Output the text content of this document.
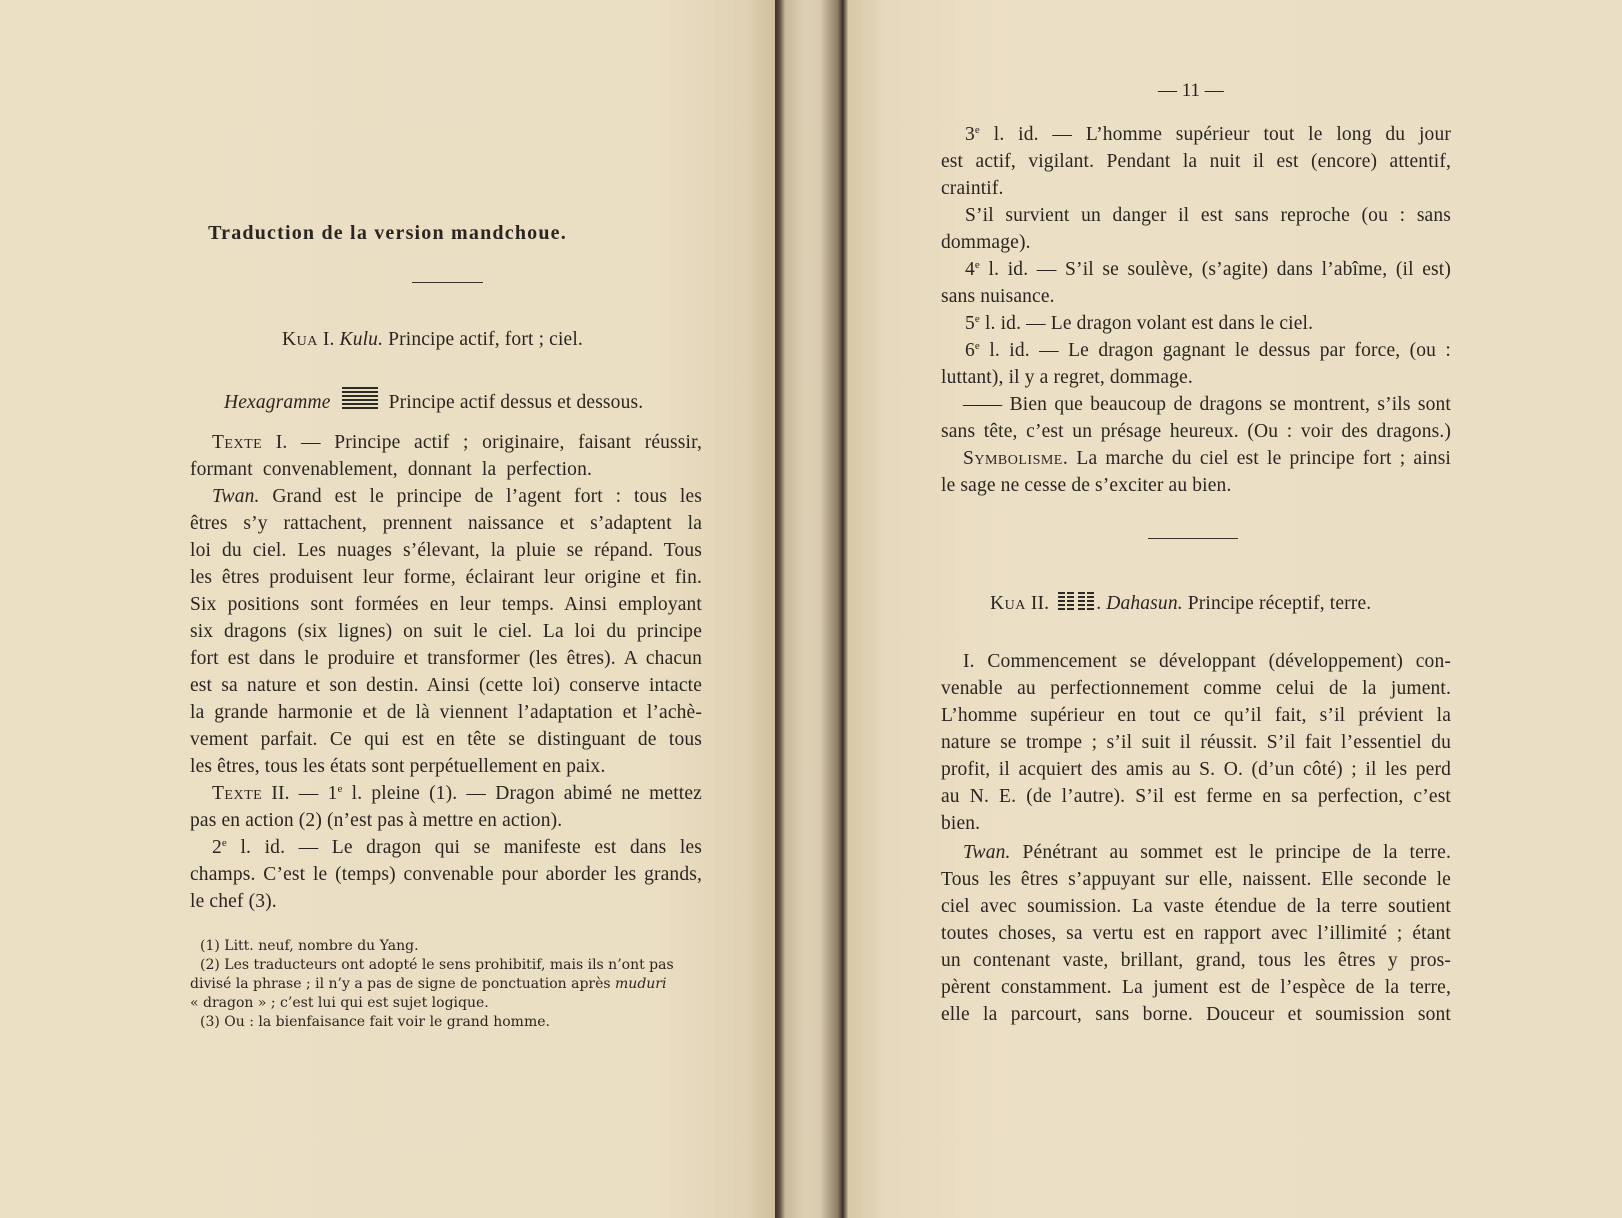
Traduction de la version mandchoue.
Kua I. Kulu. Principe actif, fort ; ciel.
Hexagramme	Principe actif dessus et dessous.
Texte I. — Principe actif ; originaire, faisant réussir,
formant convenablement, donnant la perfection.
Twan. Grand est le principe de l’agent fort : tous les
êtres s’y rattachent, prennent naissance et s’adaptent la
loi du ciel. Les nuages s’élevant, la pluie se répand. Tous
les êtres produisent leur forme, éclairant leur origine et fin.
Six positions sont formées en leur temps. Ainsi employant
six dragons (six lignes) on suit le ciel. La loi du principe
fort est dans le produire et transformer (les êtres). A chacun
est sa nature et son destin. Ainsi (cette loi) conserve intacte
la grande harmonie et de là viennent l’adaptation et l’achè-
vement parfait. Ce qui est en tête se distinguant de tous
les êtres, tous les états sont perpétuellement en paix.
Texte II. — 1e l. pleine (1). — Dragon abimé ne mettez
pas en action (2) (n’est pas à mettre en action).
2e l. id. — Le dragon qui se manifeste est dans les
champs. C’est le (temps) convenable pour aborder les grands,
le chef (3).
(1) Litt. neuf, nombre du Yang.
(2) Les traducteurs ont adopté le sens prohibitif, mais ils n’ont pas
divisé la phrase ; il n’y a pas de signe de ponctuation après muduri
« dragon » ; c’est lui qui est sujet logique.
(3) Ou : la bienfaisance fait voir le grand homme.
— 11 —
3e l. id. — L’homme supérieur tout le long du jour
est actif, vigilant. Pendant la nuit il est (encore) attentif,
craintif.
S’il survient un danger il est sans reproche (ou : sans
dommage).
4e l. id. — S’il se soulève, (s’agite) dans l’abîme, (il est)
sans nuisance.
5e l. id. — Le dragon volant est dans le ciel.
6e l. id. — Le dragon gagnant le dessus par force, (ou :
luttant), il y a regret, dommage.
—— Bien que beaucoup de dragons se montrent, s’ils sont
sans tête, c’est un présage heureux. (Ou : voir des dragons.)
Symbolisme. La marche du ciel est le principe fort ; ainsi
le sage ne cesse de s’exciter au bien.
Kua II. . Dahasun. Principe réceptif, terre.
I. Commencement se développant (développement) con-
venable au perfectionnement comme celui de la jument.
L’homme supérieur en tout ce qu’il fait, s’il prévient la
nature se trompe ; s’il suit il réussit. S’il fait l’essentiel du
profit, il acquiert des amis au S. O. (d’un côté) ; il les perd
au N. E. (de l’autre). S’il est ferme en sa perfection, c’est
bien.
Twan. Pénétrant au sommet est le principe de la terre.
Tous les êtres s’appuyant sur elle, naissent. Elle seconde le
ciel avec soumission. La vaste étendue de la terre soutient
toutes choses, sa vertu est en rapport avec l’illimité ; étant
un contenant vaste, brillant, grand, tous les êtres y pros-
pèrent constamment. La jument est de l’espèce de la terre,
elle la parcourt, sans borne. Douceur et soumission sont
